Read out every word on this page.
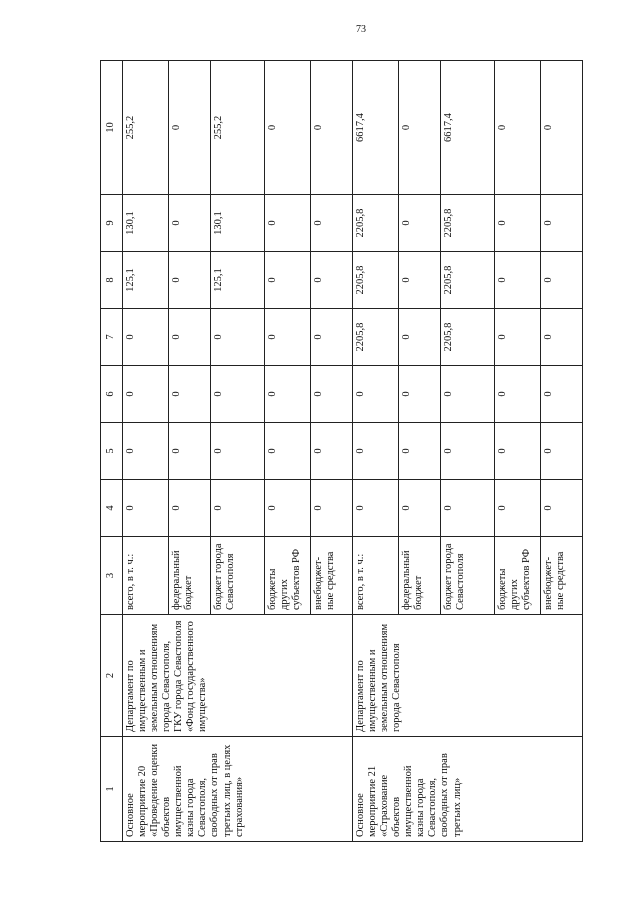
73
1	2	3	4	5	6	7	8	9	10
Основное мероприятие 20 «Проведение оценки объектов имущественной казны города Севастополя, свободных от прав третьих лиц, в целях страхования»	Департамент по имущественным и земельным отношениям города Севастополя, ГКУ города Севастополя «Фонд государственного имущества»	всего, в т. ч.:	0	0	0	0	125,1	130,1	255,2
		федеральный бюджет	0	0	0	0	0	0	0
		бюджет города Севастополя	0	0	0	0	125,1	130,1	255,2
		бюджеты других субъектов РФ	0	0	0	0	0	0	0
		внебюджет-ные средства	0	0	0	0	0	0	0
Основное мероприятие 21 «Страхование объектов имущественной казны города Севастополя, свободных от прав третьих лиц»	Департамент по имущественным и земельным отношениям города Севастополя	всего, в т. ч.:	0	0	0	2205,8	2205,8	2205,8	6617,4
		федеральный бюджет	0	0	0	0	0	0	0
		бюджет города Севастополя	0	0	0	2205,8	2205,8	2205,8	6617,4
		бюджеты других субъектов РФ	0	0	0	0	0	0	0
		внебюджет-ные средства	0	0	0	0	0	0	0
